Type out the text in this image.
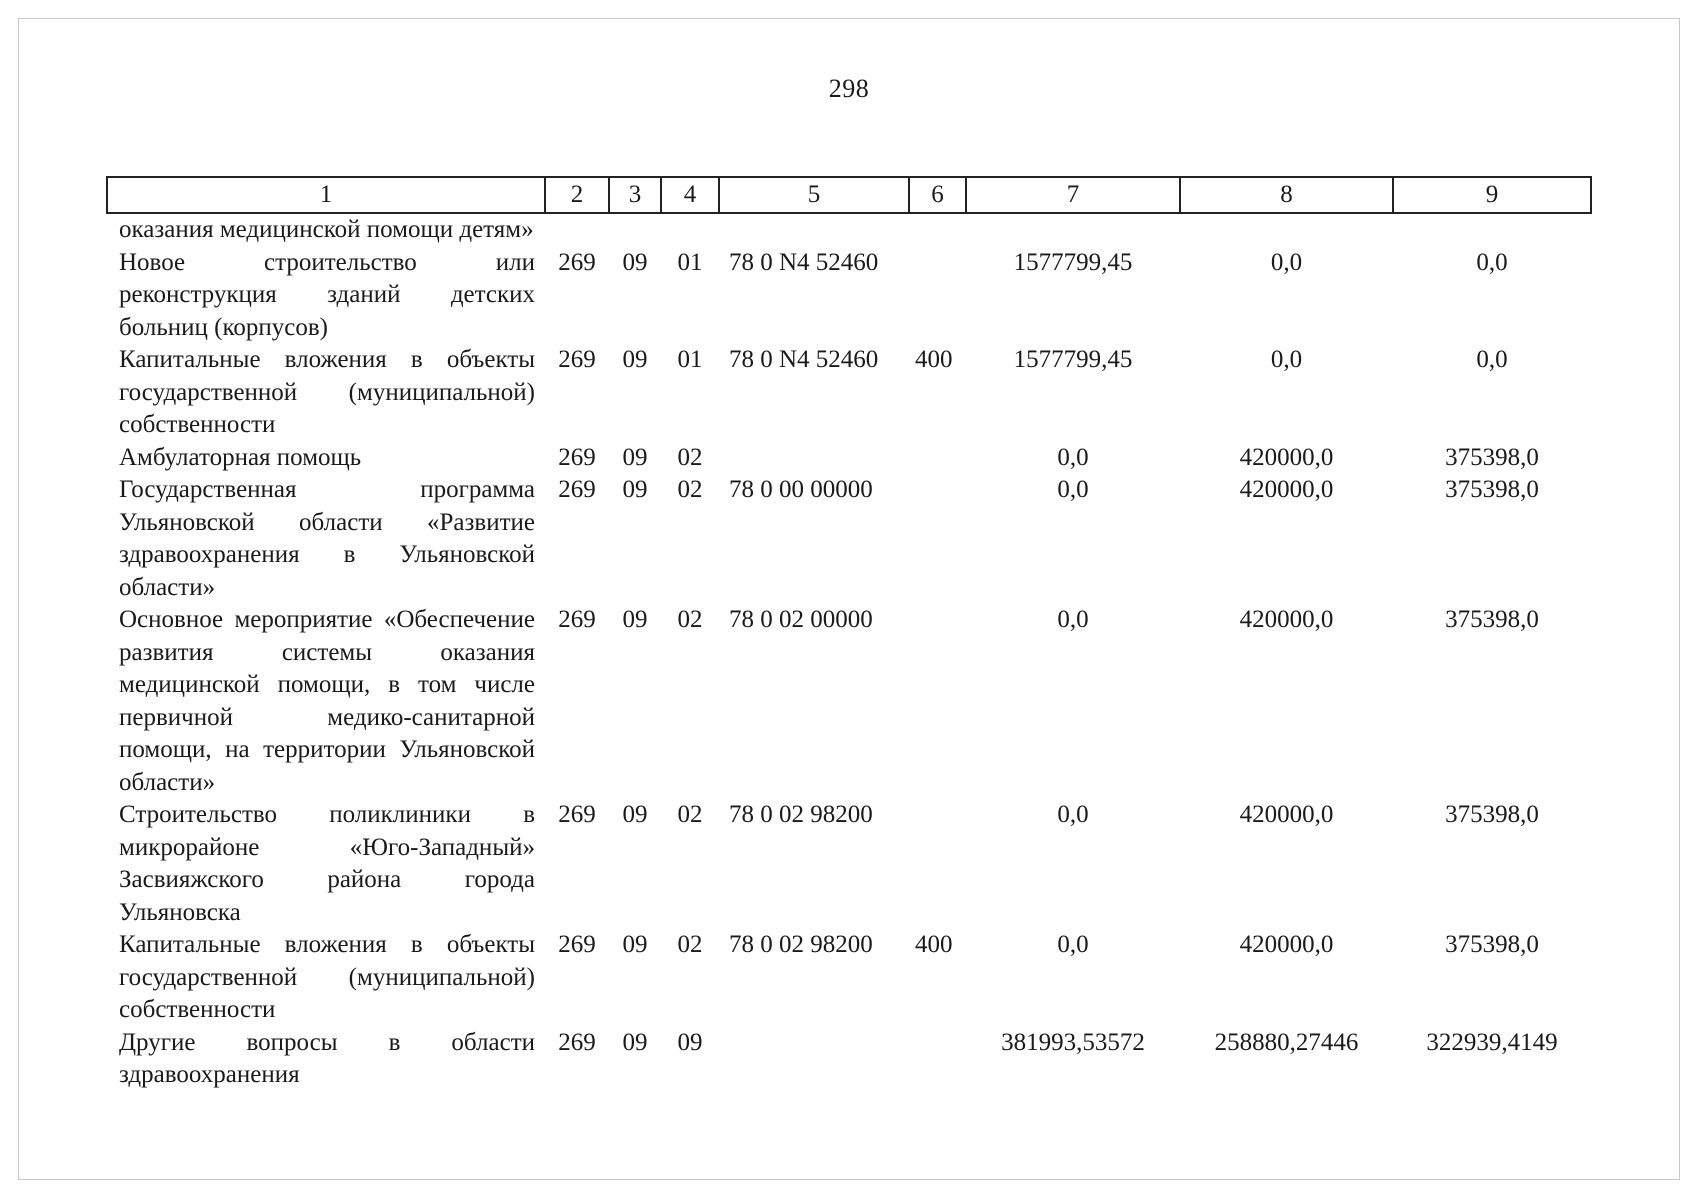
298
1	2	3	4	5	6	7	8	9
оказания медицинской помощи детям»								
Новое строительство или реконструкция зданий детских больниц (корпусов)	269	09	01	78 0 N4 52460		1577799,45	0,0	0,0
Капитальные вложения в объекты государственной (муниципальной) собственности	269	09	01	78 0 N4 52460	400	1577799,45	0,0	0,0
Амбулаторная помощь	269	09	02			0,0	420000,0	375398,0
Государственная программа Ульяновской области «Развитие здравоохранения в Ульяновской области»	269	09	02	78 0 00 00000		0,0	420000,0	375398,0
Основное мероприятие «Обеспечение развития системы оказания медицинской помощи, в том числе первичной медико-санитарной помощи, на территории Ульяновской области»	269	09	02	78 0 02 00000		0,0	420000,0	375398,0
Строительство поликлиники в микрорайоне «Юго-Западный» Засвияжского района города Ульяновска	269	09	02	78 0 02 98200		0,0	420000,0	375398,0
Капитальные вложения в объекты государственной (муниципальной) собственности	269	09	02	78 0 02 98200	400	0,0	420000,0	375398,0
Другие вопросы в области здравоохранения	269	09	09			381993,53572	258880,27446	322939,4149
